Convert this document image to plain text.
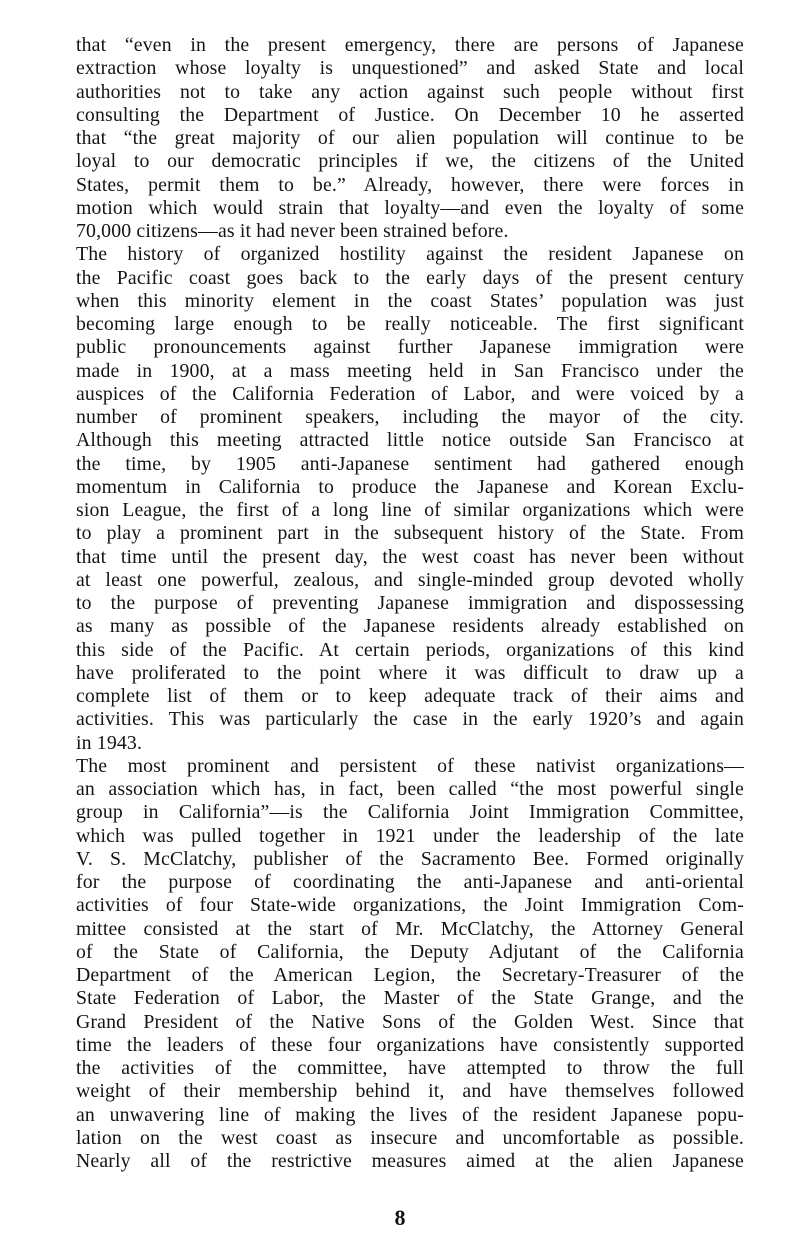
that “even in the present emergency, there are persons of Japanese
extraction whose loyalty is unquestioned” and asked State and local
authorities not to take any action against such people without first
consulting the Department of Justice. On December 10 he asserted
that “the great majority of our alien population will continue to be
loyal to our democratic principles if we, the citizens of the United
States, permit them to be.” Already, however, there were forces in
motion which would strain that loyalty—and even the loyalty of some
70,000 citizens—as it had never been strained before.
The history of organized hostility against the resident Japanese on
the Pacific coast goes back to the early days of the present century
when this minority element in the coast States’ population was just
becoming large enough to be really noticeable. The first significant
public pronouncements against further Japanese immigration were
made in 1900, at a mass meeting held in San Francisco under the
auspices of the California Federation of Labor, and were voiced by a
number of prominent speakers, including the mayor of the city.
Although this meeting attracted little notice outside San Francisco at
the time, by 1905 anti-Japanese sentiment had gathered enough
momentum in California to produce the Japanese and Korean Exclu-
sion League, the first of a long line of similar organizations which were
to play a prominent part in the subsequent history of the State. From
that time until the present day, the west coast has never been without
at least one powerful, zealous, and single-minded group devoted wholly
to the purpose of preventing Japanese immigration and dispossessing
as many as possible of the Japanese residents already established on
this side of the Pacific. At certain periods, organizations of this kind
have proliferated to the point where it was difficult to draw up a
complete list of them or to keep adequate track of their aims and
activities. This was particularly the case in the early 1920’s and again
in 1943.
The most prominent and persistent of these nativist organizations—
an association which has, in fact, been called “the most powerful single
group in California”—is the California Joint Immigration Committee,
which was pulled together in 1921 under the leadership of the late
V. S. McClatchy, publisher of the Sacramento Bee. Formed originally
for the purpose of coordinating the anti-Japanese and anti-oriental
activities of four State-wide organizations, the Joint Immigration Com-
mittee consisted at the start of Mr. McClatchy, the Attorney General
of the State of California, the Deputy Adjutant of the California
Department of the American Legion, the Secretary-Treasurer of the
State Federation of Labor, the Master of the State Grange, and the
Grand President of the Native Sons of the Golden West. Since that
time the leaders of these four organizations have consistently supported
the activities of the committee, have attempted to throw the full
weight of their membership behind it, and have themselves followed
an unwavering line of making the lives of the resident Japanese popu-
lation on the west coast as insecure and uncomfortable as possible.
Nearly all of the restrictive measures aimed at the alien Japanese
8
